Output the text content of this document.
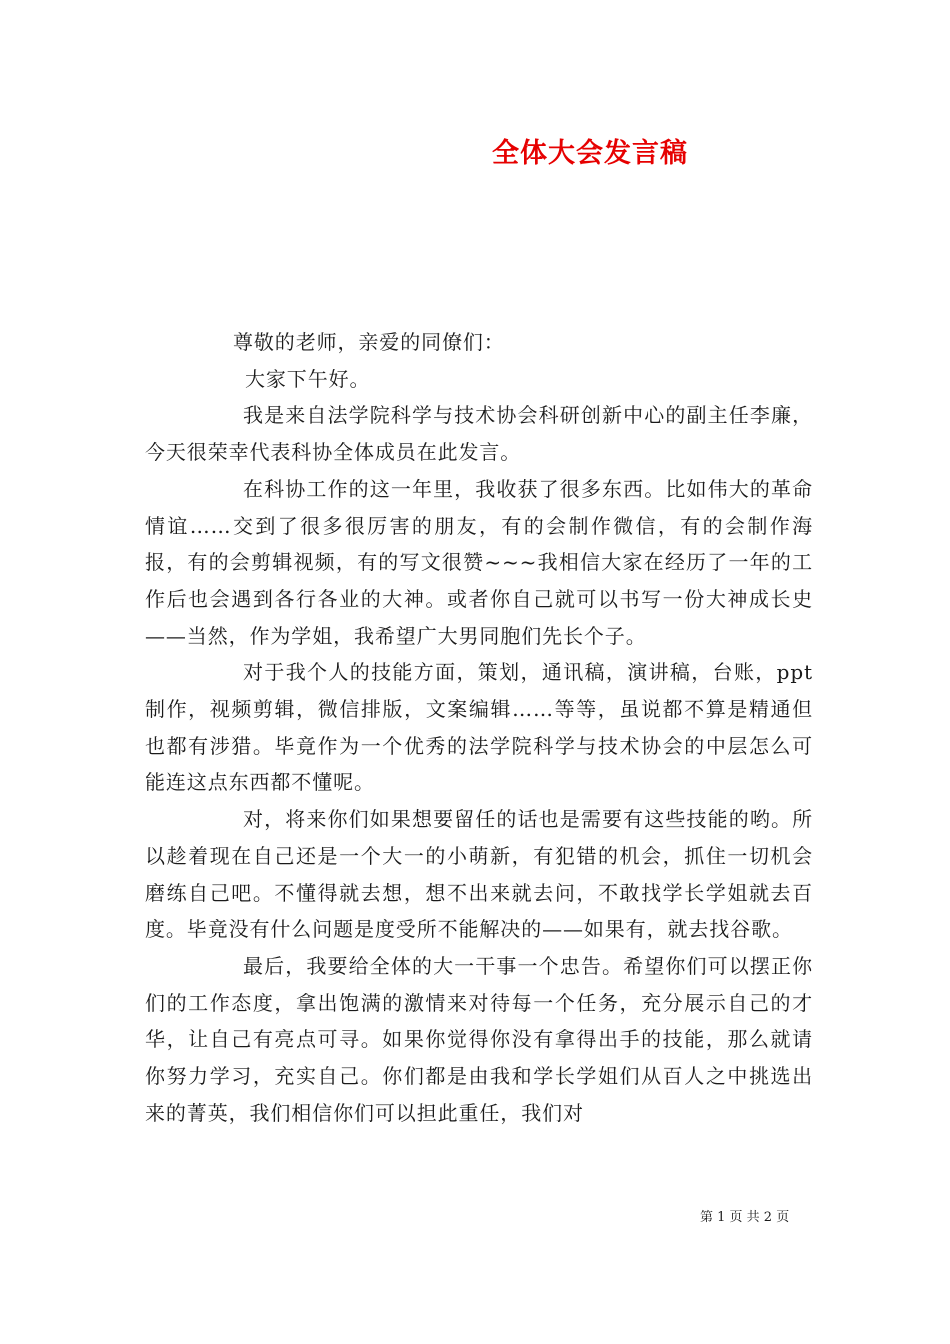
全体大会发言稿

尊敬的老师，亲爱的同僚们：

大家下午好。

我是来自法学院科学与技术协会科研创新中心的副主任李廉，今天很荣幸代表科协全体成员在此发言。

在科协工作的这一年里，我收获了很多东西。比如伟大的革命情谊……交到了很多很厉害的朋友，有的会制作微信，有的会制作海报，有的会剪辑视频，有的写文很赞~~~我相信大家在经历了一年的工作后也会遇到各行各业的大神。或者你自己就可以书写一份大神成长史——当然，作为学姐，我希望广大男同胞们先长个子。

对于我个人的技能方面，策划，通讯稿，演讲稿，台账，ppt制作，视频剪辑，微信排版，文案编辑……等等，虽说都不算是精通但也都有涉猎。毕竟作为一个优秀的法学院科学与技术协会的中层怎么可能连这点东西都不懂呢。

对，将来你们如果想要留任的话也是需要有这些技能的哟。所以趁着现在自己还是一个大一的小萌新，有犯错的机会，抓住一切机会磨练自己吧。不懂得就去想，想不出来就去问，不敢找学长学姐就去百度。毕竟没有什么问题是度受所不能解决的——如果有，就去找谷歌。

最后，我要给全体的大一干事一个忠告。希望你们可以摆正你们的工作态度，拿出饱满的激情来对待每一个任务，充分展示自己的才华，让自己有亮点可寻。如果你觉得你没有拿得出手的技能，那么就请你努力学习，充实自己。你们都是由我和学长学姐们从百人之中挑选出来的菁英，我们相信你们可以担此重任，我们对

第 1 页 共 2 页
